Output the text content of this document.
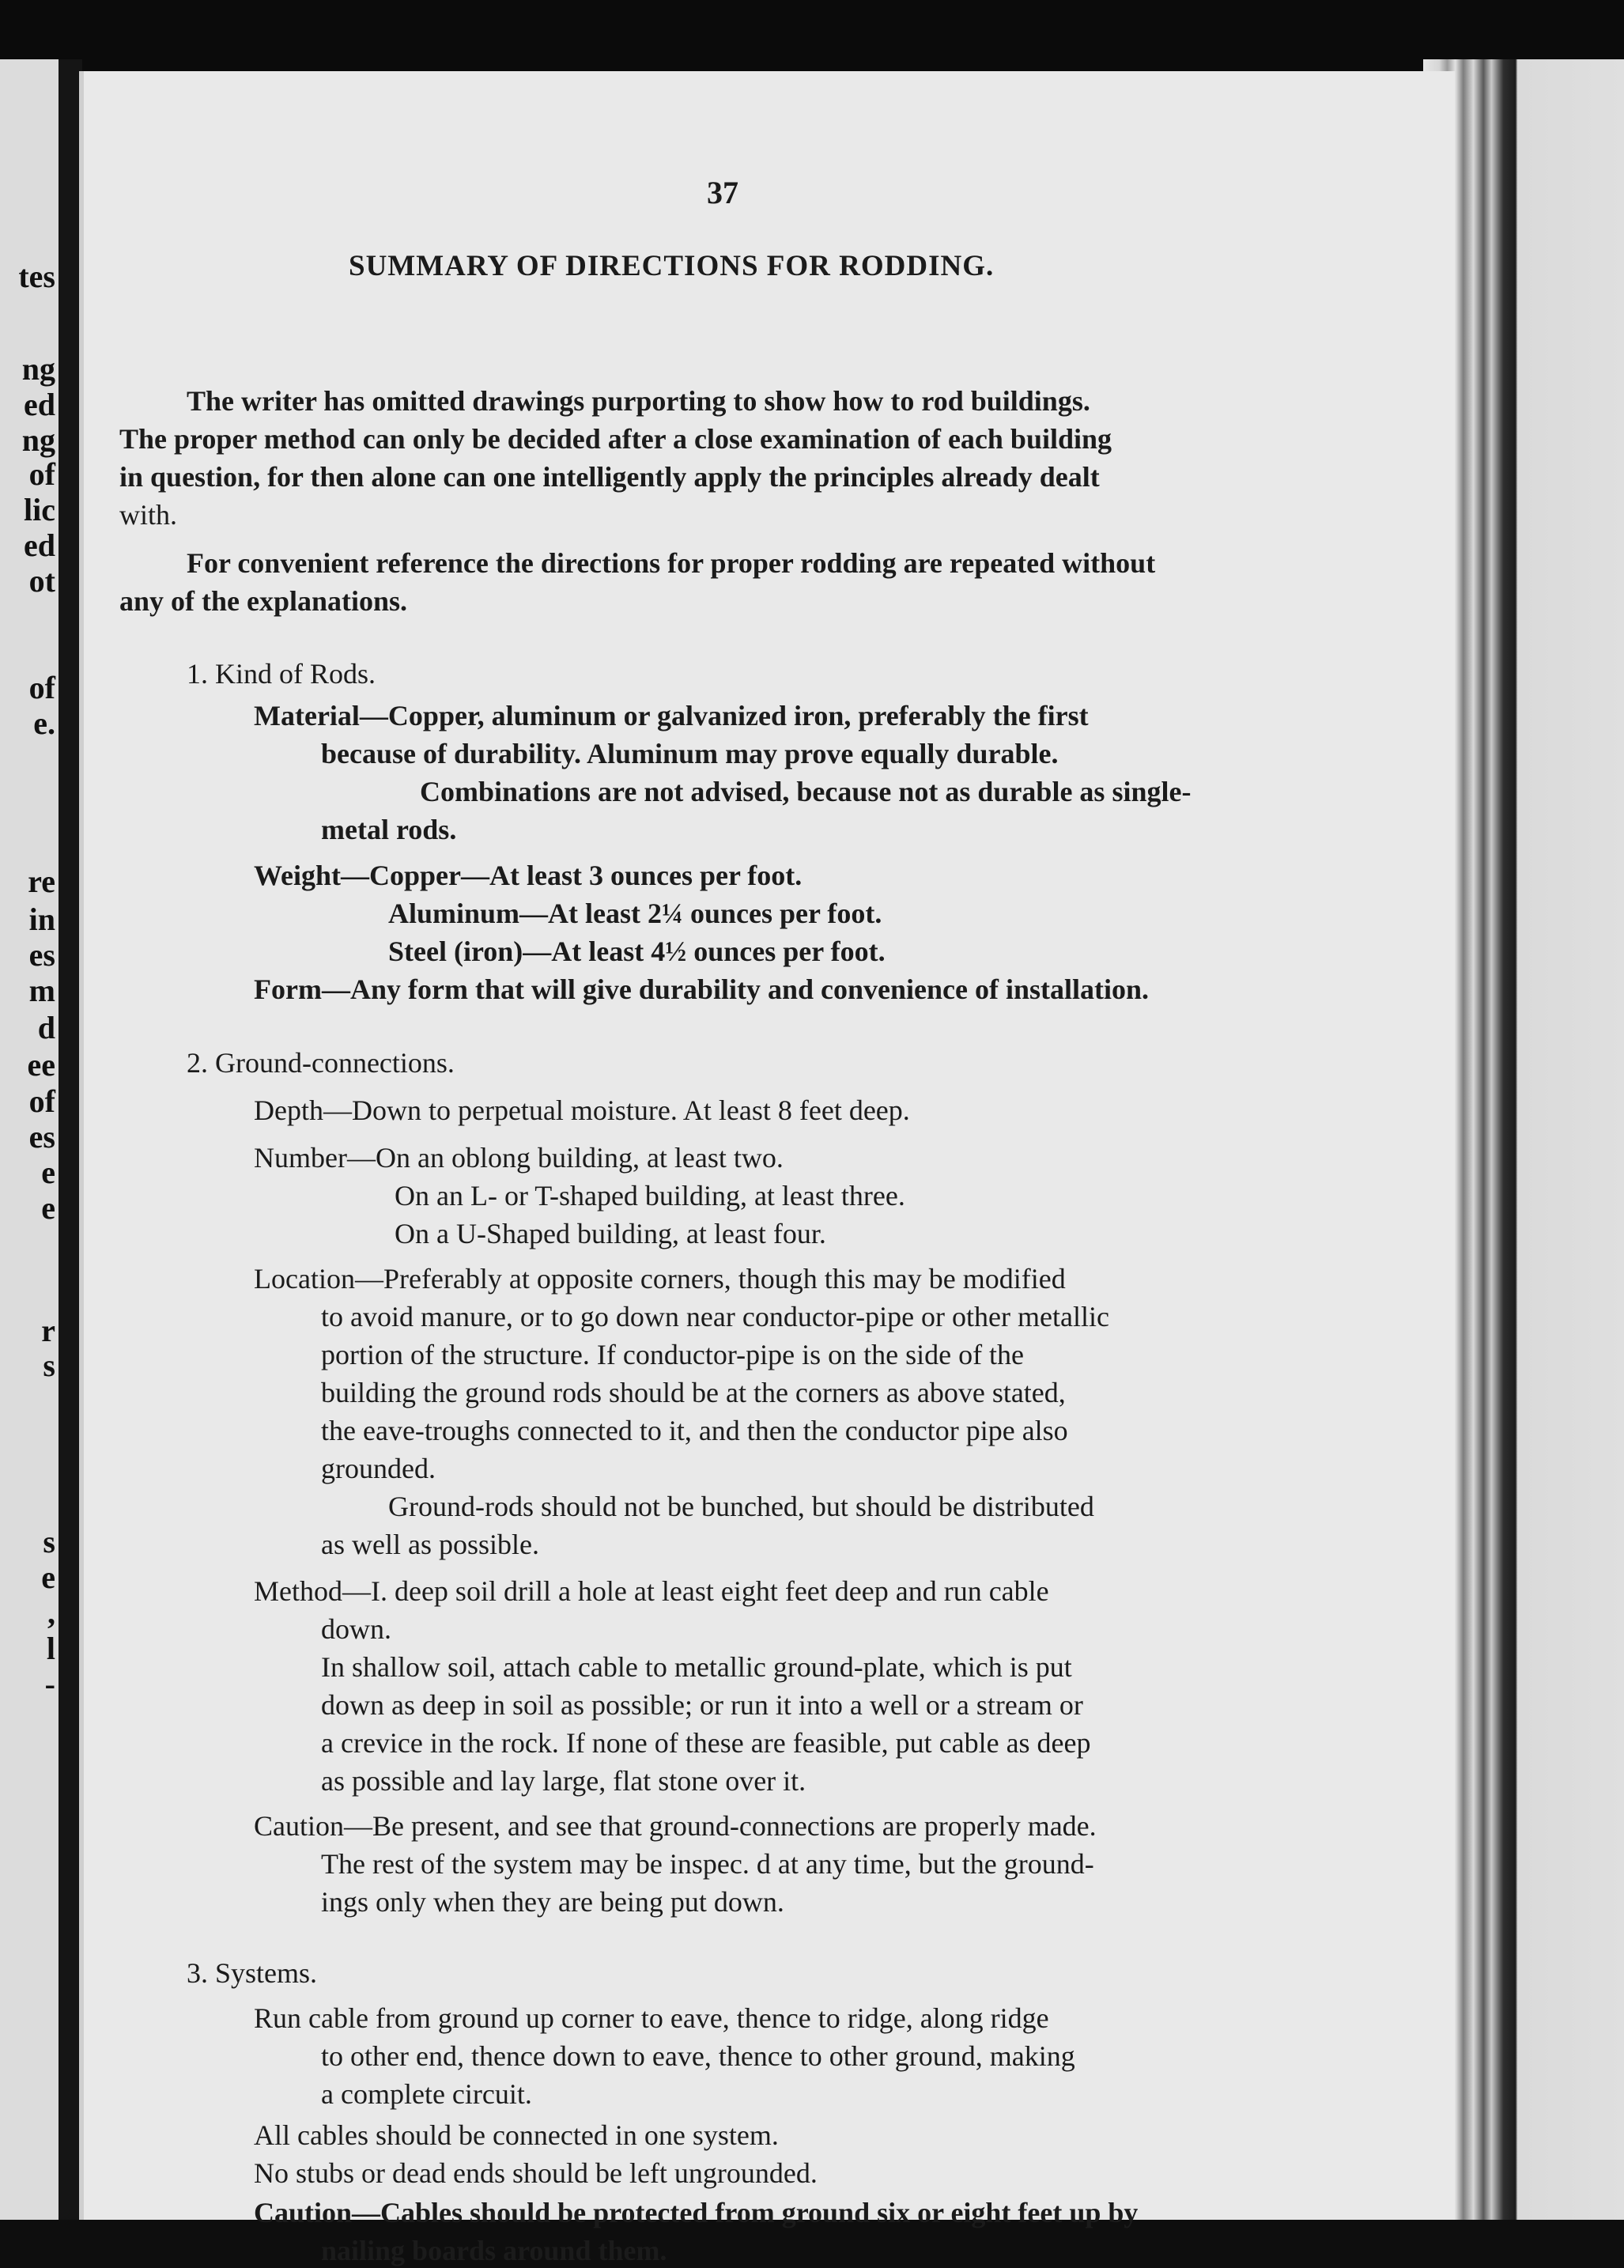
tes
ng
ed
ng
of
lic
ed
ot
of
e.
re
in
es
m
d
ee
of
es
e
e
r
s
s
e
,
l
-
37
SUMMARY OF DIRECTIONS FOR RODDING.
The writer has omitted drawings purporting to show how to rod buildings.
The proper method can only be decided after a close examination of each building
in question, for then alone can one intelligently apply the principles already dealt
with.
For convenient reference the directions for proper rodding are repeated without
any of the explanations.
1. Kind of Rods.
Material—Copper, aluminum or galvanized iron, preferably the first
because of durability. Aluminum may prove equally durable.
Combinations are not advised, because not as durable as single-
metal rods.
Weight—Copper—At least 3 ounces per foot.
Aluminum—At least 2¼ ounces per foot.
Steel (iron)—At least 4½ ounces per foot.
Form—Any form that will give durability and convenience of installation.
2. Ground-connections.
Depth—Down to perpetual moisture. At least 8 feet deep.
Number—On an oblong building, at least two.
On an L- or T-shaped building, at least three.
On a U-Shaped building, at least four.
Location—Preferably at opposite corners, though this may be modified
to avoid manure, or to go down near conductor-pipe or other metallic
portion of the structure. If conductor-pipe is on the side of the
building the ground rods should be at the corners as above stated,
the eave-troughs connected to it, and then the conductor pipe also
grounded.
Ground-rods should not be bunched, but should be distributed
as well as possible.
Method—I. deep soil drill a hole at least eight feet deep and run cable
down.
In shallow soil, attach cable to metallic ground-plate, which is put
down as deep in soil as possible; or run it into a well or a stream or
a crevice in the rock. If none of these are feasible, put cable as deep
as possible and lay large, flat stone over it.
Caution—Be present, and see that ground-connections are properly made.
The rest of the system may be inspec. d at any time, but the ground-
ings only when they are being put down.
3. Systems.
Run cable from ground up corner to eave, thence to ridge, along ridge
to other end, thence down to eave, thence to other ground, making
a complete circuit.
All cables should be connected in one system.
No stubs or dead ends should be left ungrounded.
Caution—Cables should be protected from ground six or eight feet up by
nailing boards around them.
